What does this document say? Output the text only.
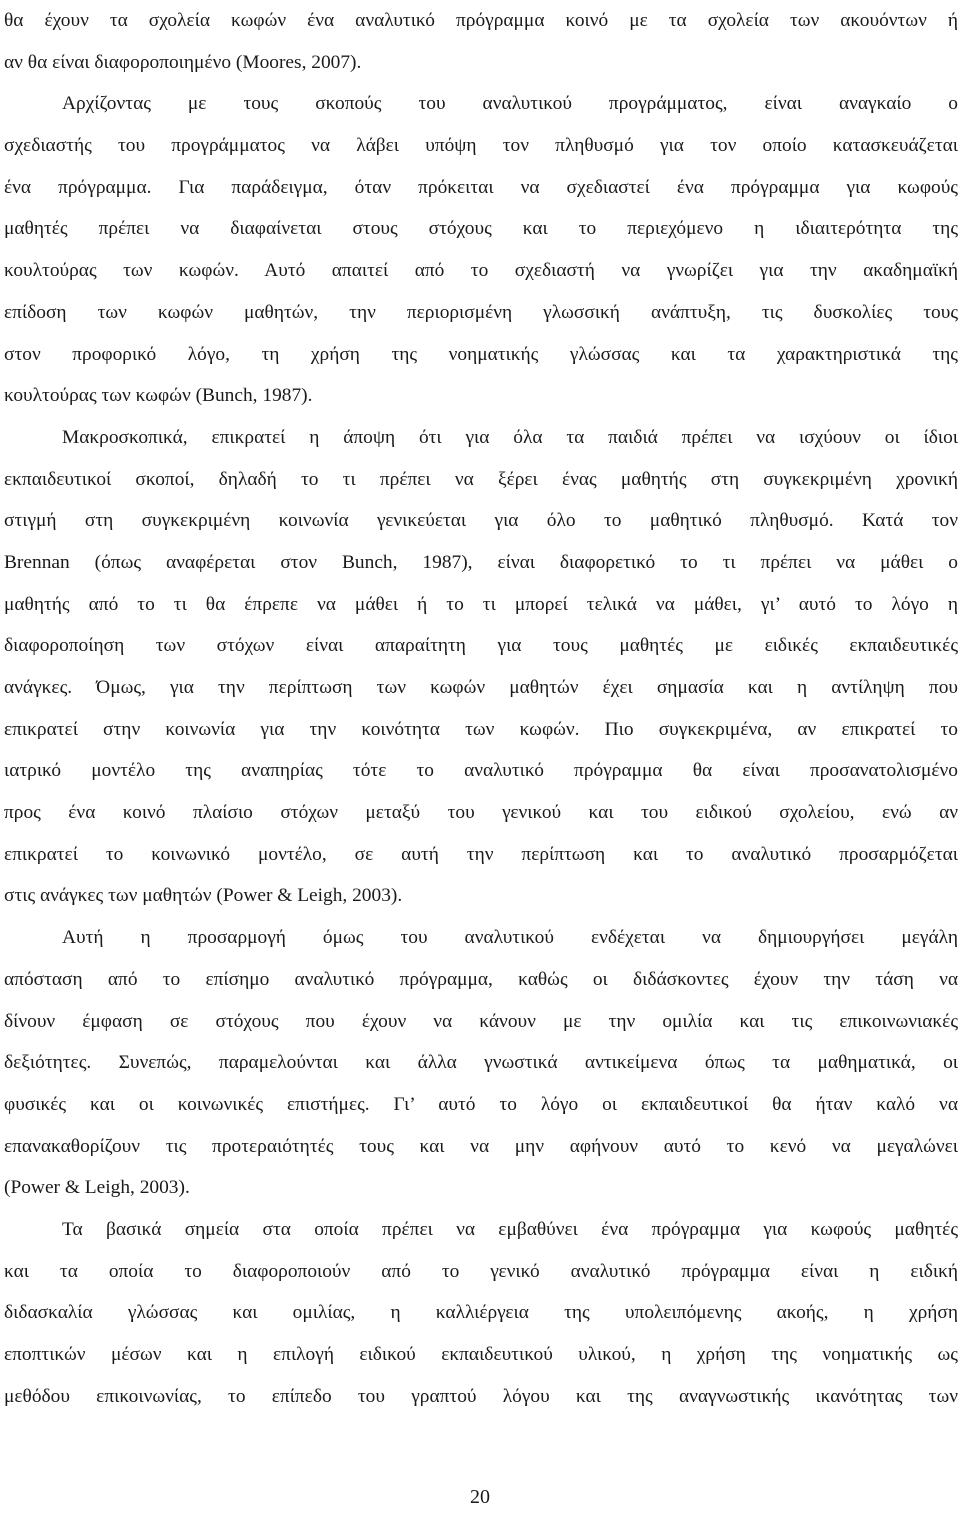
θα έχουν τα σχολεία κωφών ένα αναλυτικό πρόγραμμα κοινό με τα σχολεία των ακουόντων ή
αν θα είναι διαφοροποιημένο (Moores, 2007).
Αρχίζοντας με τους σκοπούς του αναλυτικού προγράμματος, είναι αναγκαίο ο
σχεδιαστής του προγράμματος να λάβει υπόψη τον πληθυσμό για τον οποίο κατασκευάζεται
ένα πρόγραμμα. Για παράδειγμα, όταν πρόκειται να σχεδιαστεί ένα πρόγραμμα για κωφούς
μαθητές πρέπει να διαφαίνεται στους στόχους και το περιεχόμενο η ιδιαιτερότητα της
κουλτούρας των κωφών. Αυτό απαιτεί από το σχεδιαστή να γνωρίζει για την ακαδημαϊκή
επίδοση των κωφών μαθητών, την περιορισμένη γλωσσική ανάπτυξη, τις δυσκολίες τους
στον προφορικό λόγο, τη χρήση της νοηματικής γλώσσας και τα χαρακτηριστικά της
κουλτούρας των κωφών (Bunch, 1987).
Μακροσκοπικά, επικρατεί η άποψη ότι για όλα τα παιδιά πρέπει να ισχύουν οι ίδιοι
εκπαιδευτικοί σκοποί, δηλαδή το τι πρέπει να ξέρει ένας μαθητής στη συγκεκριμένη χρονική
στιγμή στη συγκεκριμένη κοινωνία γενικεύεται για όλο το μαθητικό πληθυσμό. Κατά τον
Brennan (όπως αναφέρεται στον Bunch, 1987), είναι διαφορετικό το τι πρέπει να μάθει ο
μαθητής από το τι θα έπρεπε να μάθει ή το τι μπορεί τελικά να μάθει, γι’ αυτό το λόγο η
διαφοροποίηση των στόχων είναι απαραίτητη για τους μαθητές με ειδικές εκπαιδευτικές
ανάγκες. Όμως, για την περίπτωση των κωφών μαθητών έχει σημασία και η αντίληψη που
επικρατεί στην κοινωνία για την κοινότητα των κωφών. Πιο συγκεκριμένα, αν επικρατεί το
ιατρικό μοντέλο της αναπηρίας τότε το αναλυτικό πρόγραμμα θα είναι προσανατολισμένο
προς ένα κοινό πλαίσιο στόχων μεταξύ του γενικού και του ειδικού σχολείου, ενώ αν
επικρατεί το κοινωνικό μοντέλο, σε αυτή την περίπτωση και το αναλυτικό προσαρμόζεται
στις ανάγκες των μαθητών (Power & Leigh, 2003).
Αυτή η προσαρμογή όμως του αναλυτικού ενδέχεται να δημιουργήσει μεγάλη
απόσταση από το επίσημο αναλυτικό πρόγραμμα, καθώς οι διδάσκοντες έχουν την τάση να
δίνουν έμφαση σε στόχους που έχουν να κάνουν με την ομιλία και τις επικοινωνιακές
δεξιότητες. Συνεπώς, παραμελούνται και άλλα γνωστικά αντικείμενα όπως τα μαθηματικά, οι
φυσικές και οι κοινωνικές επιστήμες. Γι’ αυτό το λόγο οι εκπαιδευτικοί θα ήταν καλό να
επανακαθορίζουν τις προτεραιότητές τους και να μην αφήνουν αυτό το κενό να μεγαλώνει
(Power & Leigh, 2003).
Τα βασικά σημεία στα οποία πρέπει να εμβαθύνει ένα πρόγραμμα για κωφούς μαθητές
και τα οποία το διαφοροποιούν από το γενικό αναλυτικό πρόγραμμα είναι η ειδική
διδασκαλία γλώσσας και ομιλίας, η καλλιέργεια της υπολειπόμενης ακοής, η χρήση
εποπτικών μέσων και η επιλογή ειδικού εκπαιδευτικού υλικού, η χρήση της νοηματικής ως
μεθόδου επικοινωνίας, το επίπεδο του γραπτού λόγου και της αναγνωστικής ικανότητας των
20
